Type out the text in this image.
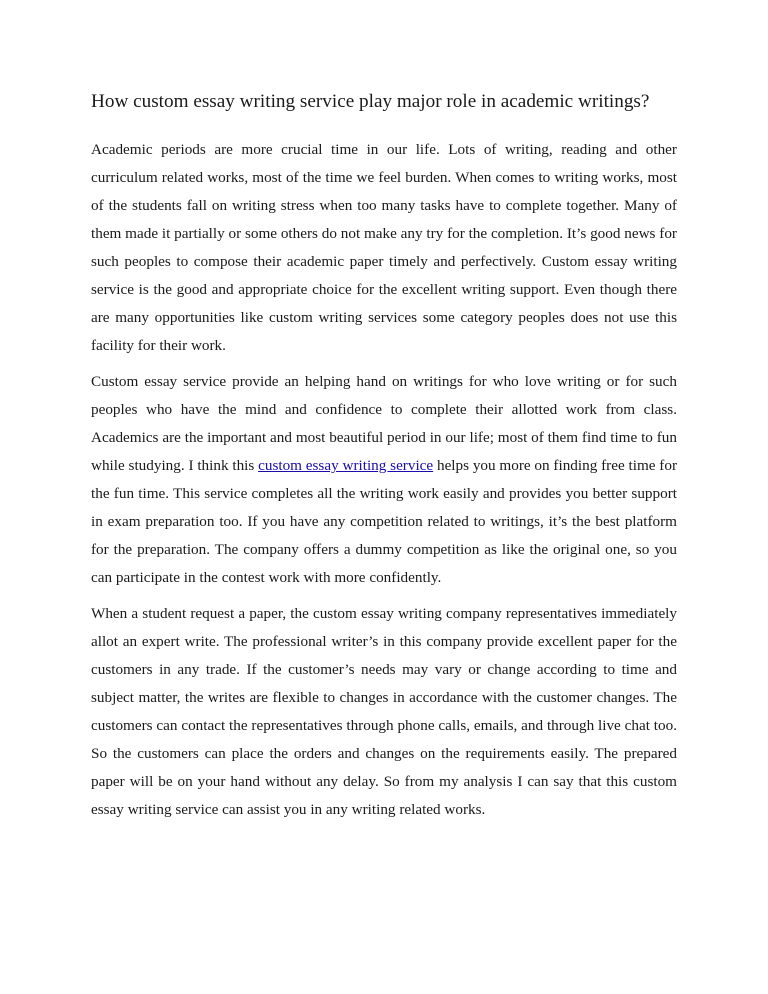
How custom essay writing service play major role in academic writings?

Academic periods are more crucial time in our life. Lots of writing, reading and other curriculum related works, most of the time we feel burden. When comes to writing works, most of the students fall on writing stress when too many tasks have to complete together. Many of them made it partially or some others do not make any try for the completion. It’s good news for such peoples to compose their academic paper timely and perfectively. Custom essay writing service is the good and appropriate choice for the excellent writing support. Even though there are many opportunities like custom writing services some category peoples does not use this facility for their work.

Custom essay service provide an helping hand on writings for who love writing or for such peoples who have the mind and confidence to complete their allotted work from class. Academics are the important and most beautiful period in our life; most of them find time to fun while studying. I think this custom essay writing service helps you more on finding free time for the fun time. This service completes all the writing work easily and provides you better support in exam preparation too. If you have any competition related to writings, it’s the best platform for the preparation. The company offers a dummy competition as like the original one, so you can participate in the contest work with more confidently.

When a student request a paper, the custom essay writing company representatives immediately allot an expert write. The professional writer’s in this company provide excellent paper for the customers in any trade. If the customer’s needs may vary or change according to time and subject matter, the writes are flexible to changes in accordance with the customer changes. The customers can contact the representatives through phone calls, emails, and through live chat too. So the customers can place the orders and changes on the requirements easily. The prepared paper will be on your hand without any delay. So from my analysis I can say that this custom essay writing service can assist you in any writing related works.
